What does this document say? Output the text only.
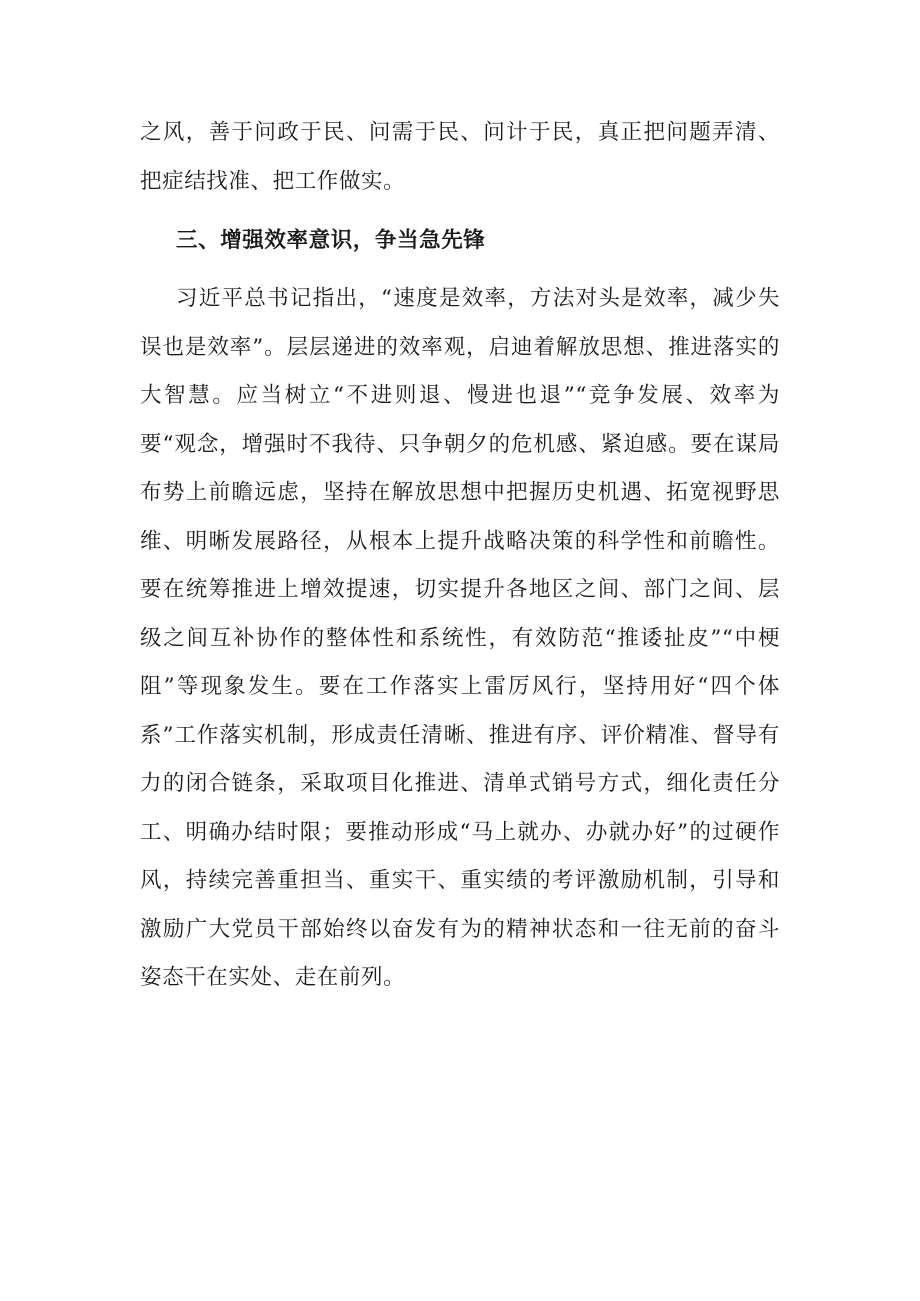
之风，善于问政于民、问需于民、问计于民，真正把问题弄清、把症结找准、把工作做实。

三、增强效率意识，争当急先锋

习近平总书记指出，“速度是效率，方法对头是效率，减少失误也是效率”。层层递进的效率观，启迪着解放思想、推进落实的大智慧。应当树立“不进则退、慢进也退”“竞争发展、效率为要“观念，增强时不我待、只争朝夕的危机感、紧迫感。要在谋局布势上前瞻远虑，坚持在解放思想中把握历史机遇、拓宽视野思维、明晰发展路径，从根本上提升战略决策的科学性和前瞻性。要在统筹推进上增效提速，切实提升各地区之间、部门之间、层级之间互补协作的整体性和系统性，有效防范“推诿扯皮”“中梗阻”等现象发生。要在工作落实上雷厉风行，坚持用好“四个体系”工作落实机制，形成责任清晰、推进有序、评价精准、督导有力的闭合链条，采取项目化推进、清单式销号方式，细化责任分工、明确办结时限；要推动形成“马上就办、办就办好”的过硬作风，持续完善重担当、重实干、重实绩的考评激励机制，引导和激励广大党员干部始终以奋发有为的精神状态和一往无前的奋斗姿态干在实处、走在前列。
